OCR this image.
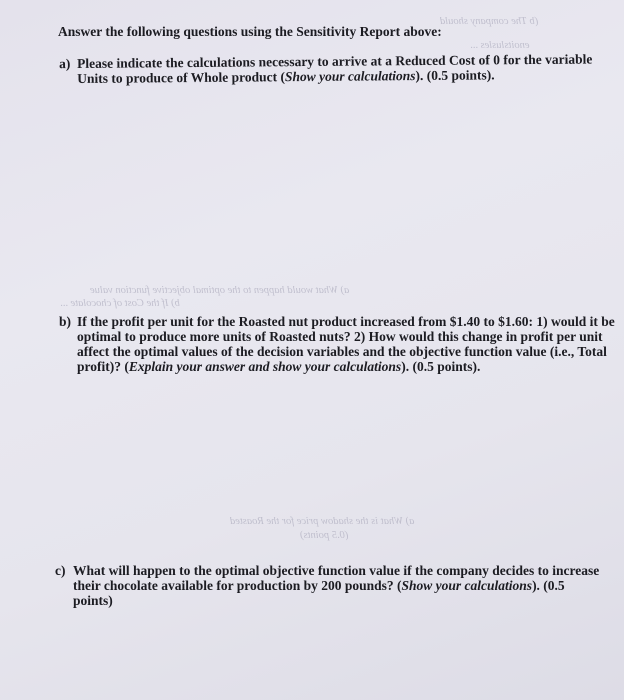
(b The company should
enoitslusles ...
a) What would happen to the optimal objective function value
b) If the Cost of chocolate ...
a) What is the shadow price for the Roasted
(0.5 points)
Answer the following questions using the Sensitivity Report above:
a) Please indicate the calculations necessary to arrive at a Reduced Cost of 0 for the variable
Units to produce of Whole product (Show your calculations). (0.5 points).
b) If the profit per unit for the Roasted nut product increased from $1.40 to $1.60: 1) would it be
optimal to produce more units of Roasted nuts? 2) How would this change in profit per unit
affect the optimal values of the decision variables and the objective function value (i.e., Total
profit)? (Explain your answer and show your calculations). (0.5 points).
c) What will happen to the optimal objective function value if the company decides to increase
their chocolate available for production by 200 pounds? (Show your calculations). (0.5
points)
